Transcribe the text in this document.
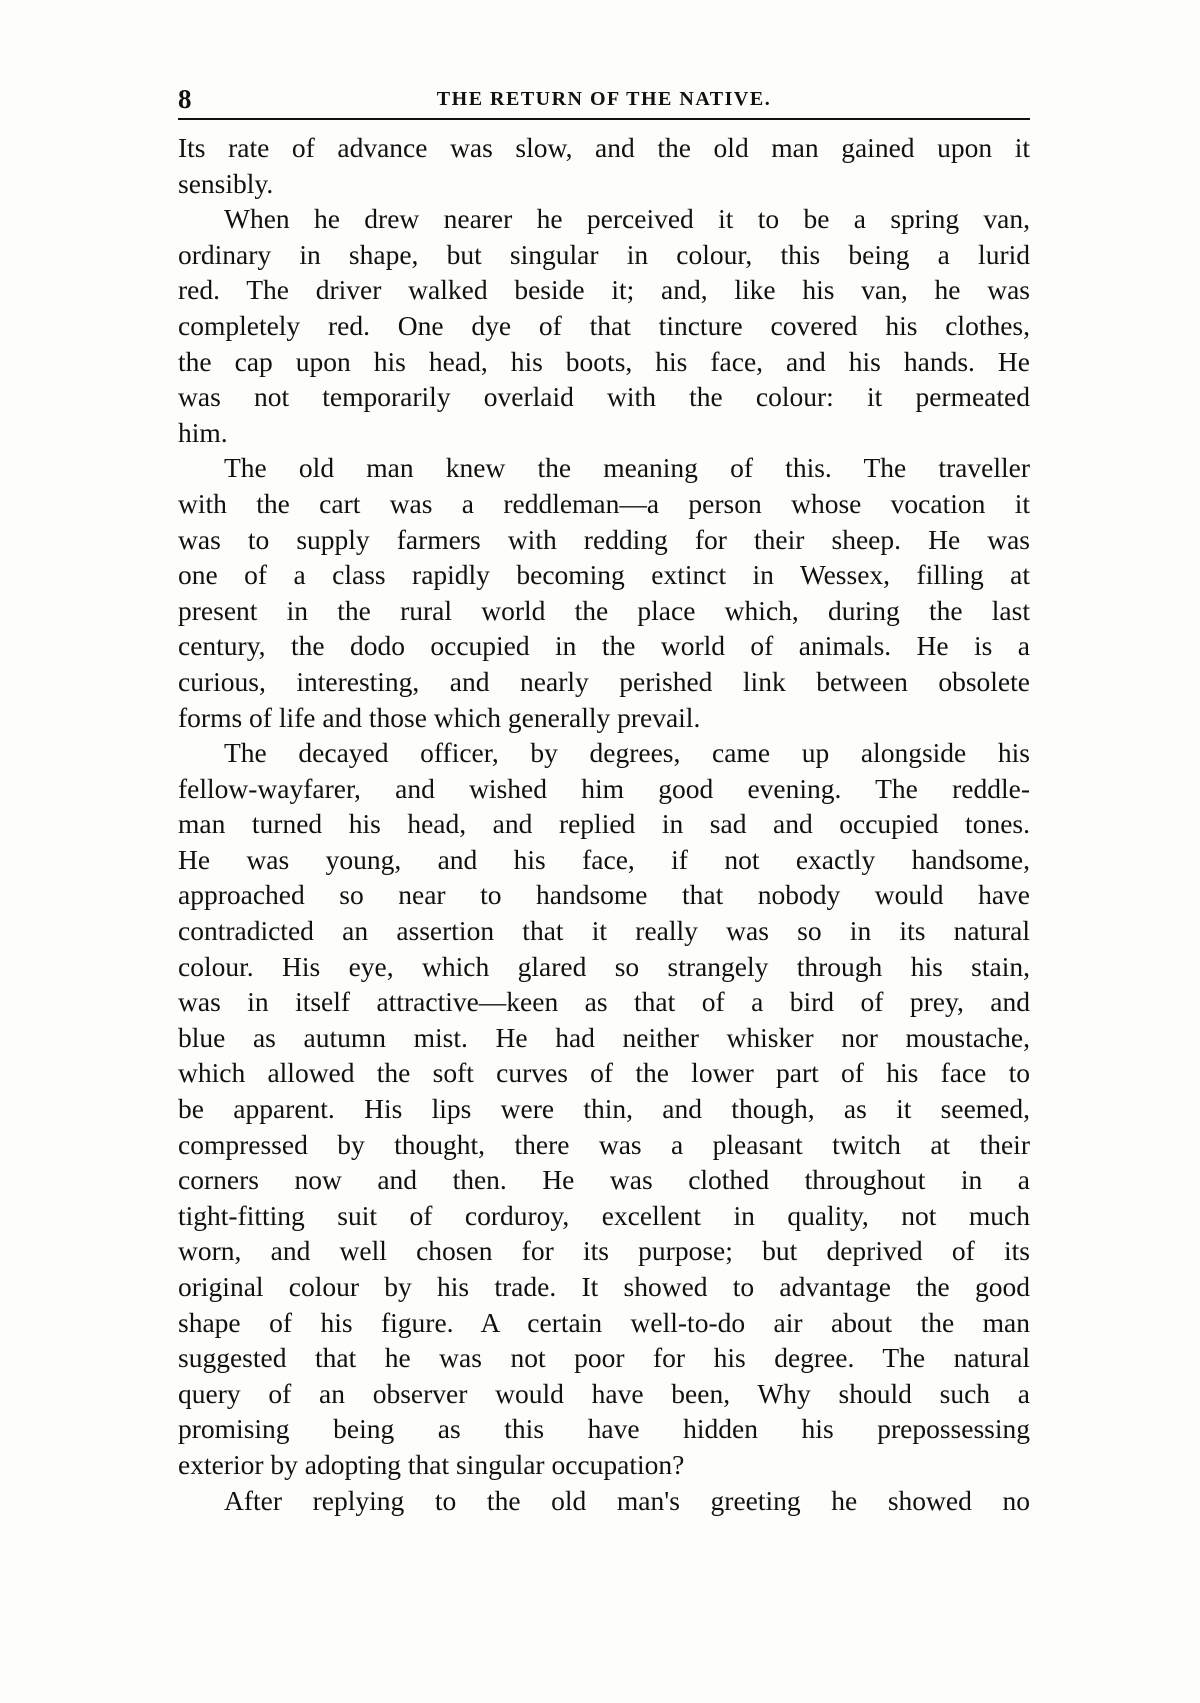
8	THE RETURN OF THE NATIVE.
Its rate of advance was slow, and the old man gained upon it
sensibly.
When he drew nearer he perceived it to be a spring van,
ordinary in shape, but singular in colour, this being a lurid
red. The driver walked beside it; and, like his van, he was
completely red. One dye of that tincture covered his clothes,
the cap upon his head, his boots, his face, and his hands. He
was not temporarily overlaid with the colour: it permeated
him.
The old man knew the meaning of this. The traveller
with the cart was a reddleman—a person whose vocation it
was to supply farmers with redding for their sheep. He was
one of a class rapidly becoming extinct in Wessex, filling at
present in the rural world the place which, during the last
century, the dodo occupied in the world of animals. He is a
curious, interesting, and nearly perished link between obsolete
forms of life and those which generally prevail.
The decayed officer, by degrees, came up alongside his
fellow-wayfarer, and wished him good evening. The reddle-
man turned his head, and replied in sad and occupied tones.
He was young, and his face, if not exactly handsome,
approached so near to handsome that nobody would have
contradicted an assertion that it really was so in its natural
colour. His eye, which glared so strangely through his stain,
was in itself attractive—keen as that of a bird of prey, and
blue as autumn mist. He had neither whisker nor moustache,
which allowed the soft curves of the lower part of his face to
be apparent. His lips were thin, and though, as it seemed,
compressed by thought, there was a pleasant twitch at their
corners now and then. He was clothed throughout in a
tight-fitting suit of corduroy, excellent in quality, not much
worn, and well chosen for its purpose; but deprived of its
original colour by his trade. It showed to advantage the good
shape of his figure. A certain well-to-do air about the man
suggested that he was not poor for his degree. The natural
query of an observer would have been, Why should such a
promising being as this have hidden his prepossessing
exterior by adopting that singular occupation?
After replying to the old man's greeting he showed no
